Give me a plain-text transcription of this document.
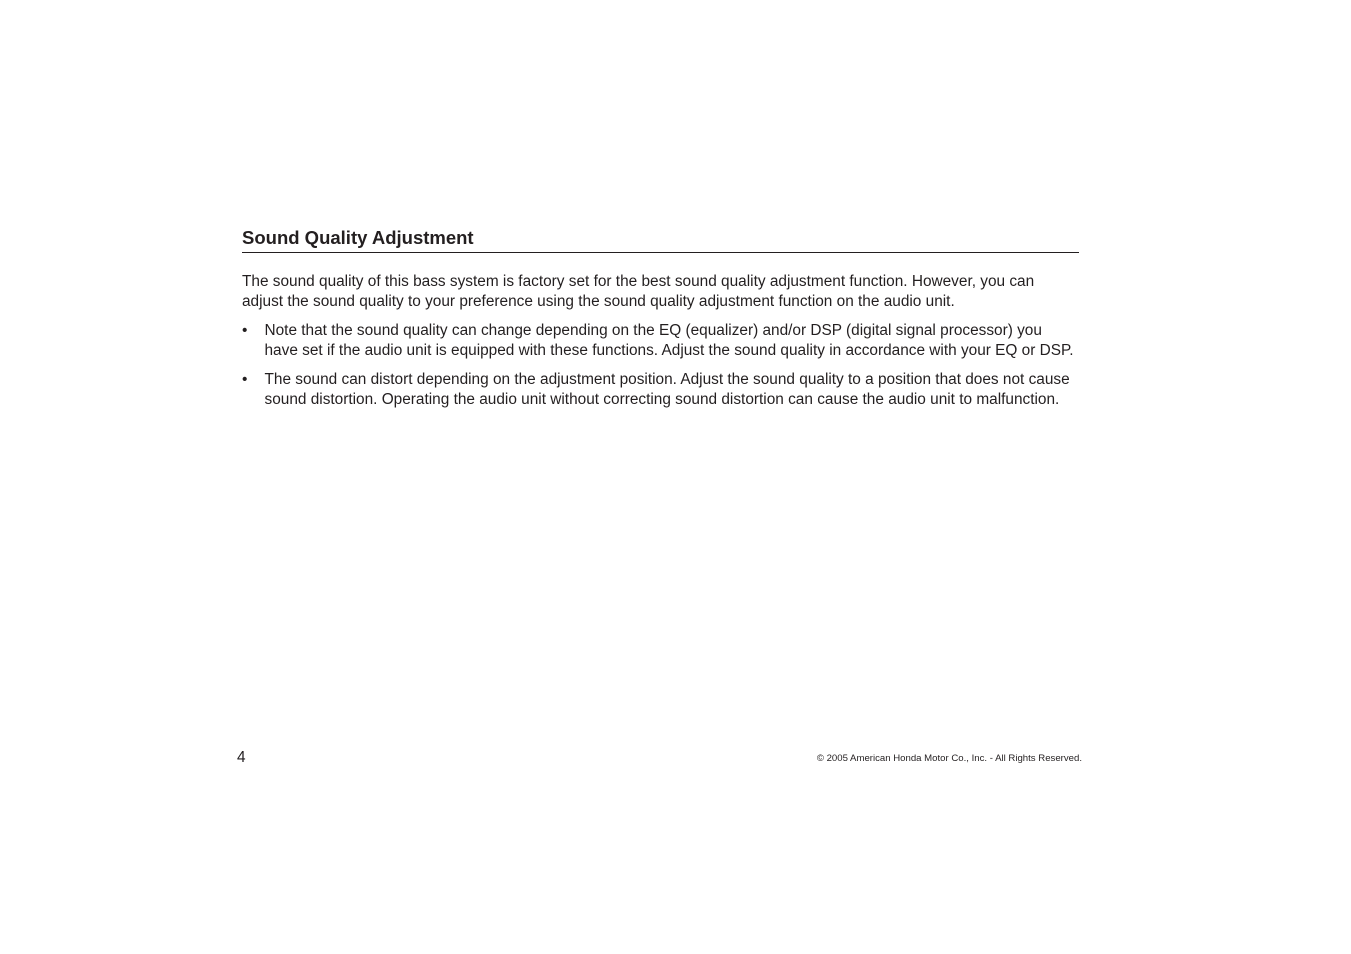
Sound Quality Adjustment

The sound quality of this bass system is factory set for the best sound quality adjustment function. However, you can adjust the sound quality to your preference using the sound quality adjustment function on the audio unit.

• Note that the sound quality can change depending on the EQ (equalizer) and/or DSP (digital signal processor) you have set if the audio unit is equipped with these functions. Adjust the sound quality in accordance with your EQ or DSP.
• The sound can distort depending on the adjustment position. Adjust the sound quality to a position that does not cause sound distortion. Operating the audio unit without correcting sound distortion can cause the audio unit to malfunction.
4	© 2005 American Honda Motor Co., Inc. - All Rights Reserved.
